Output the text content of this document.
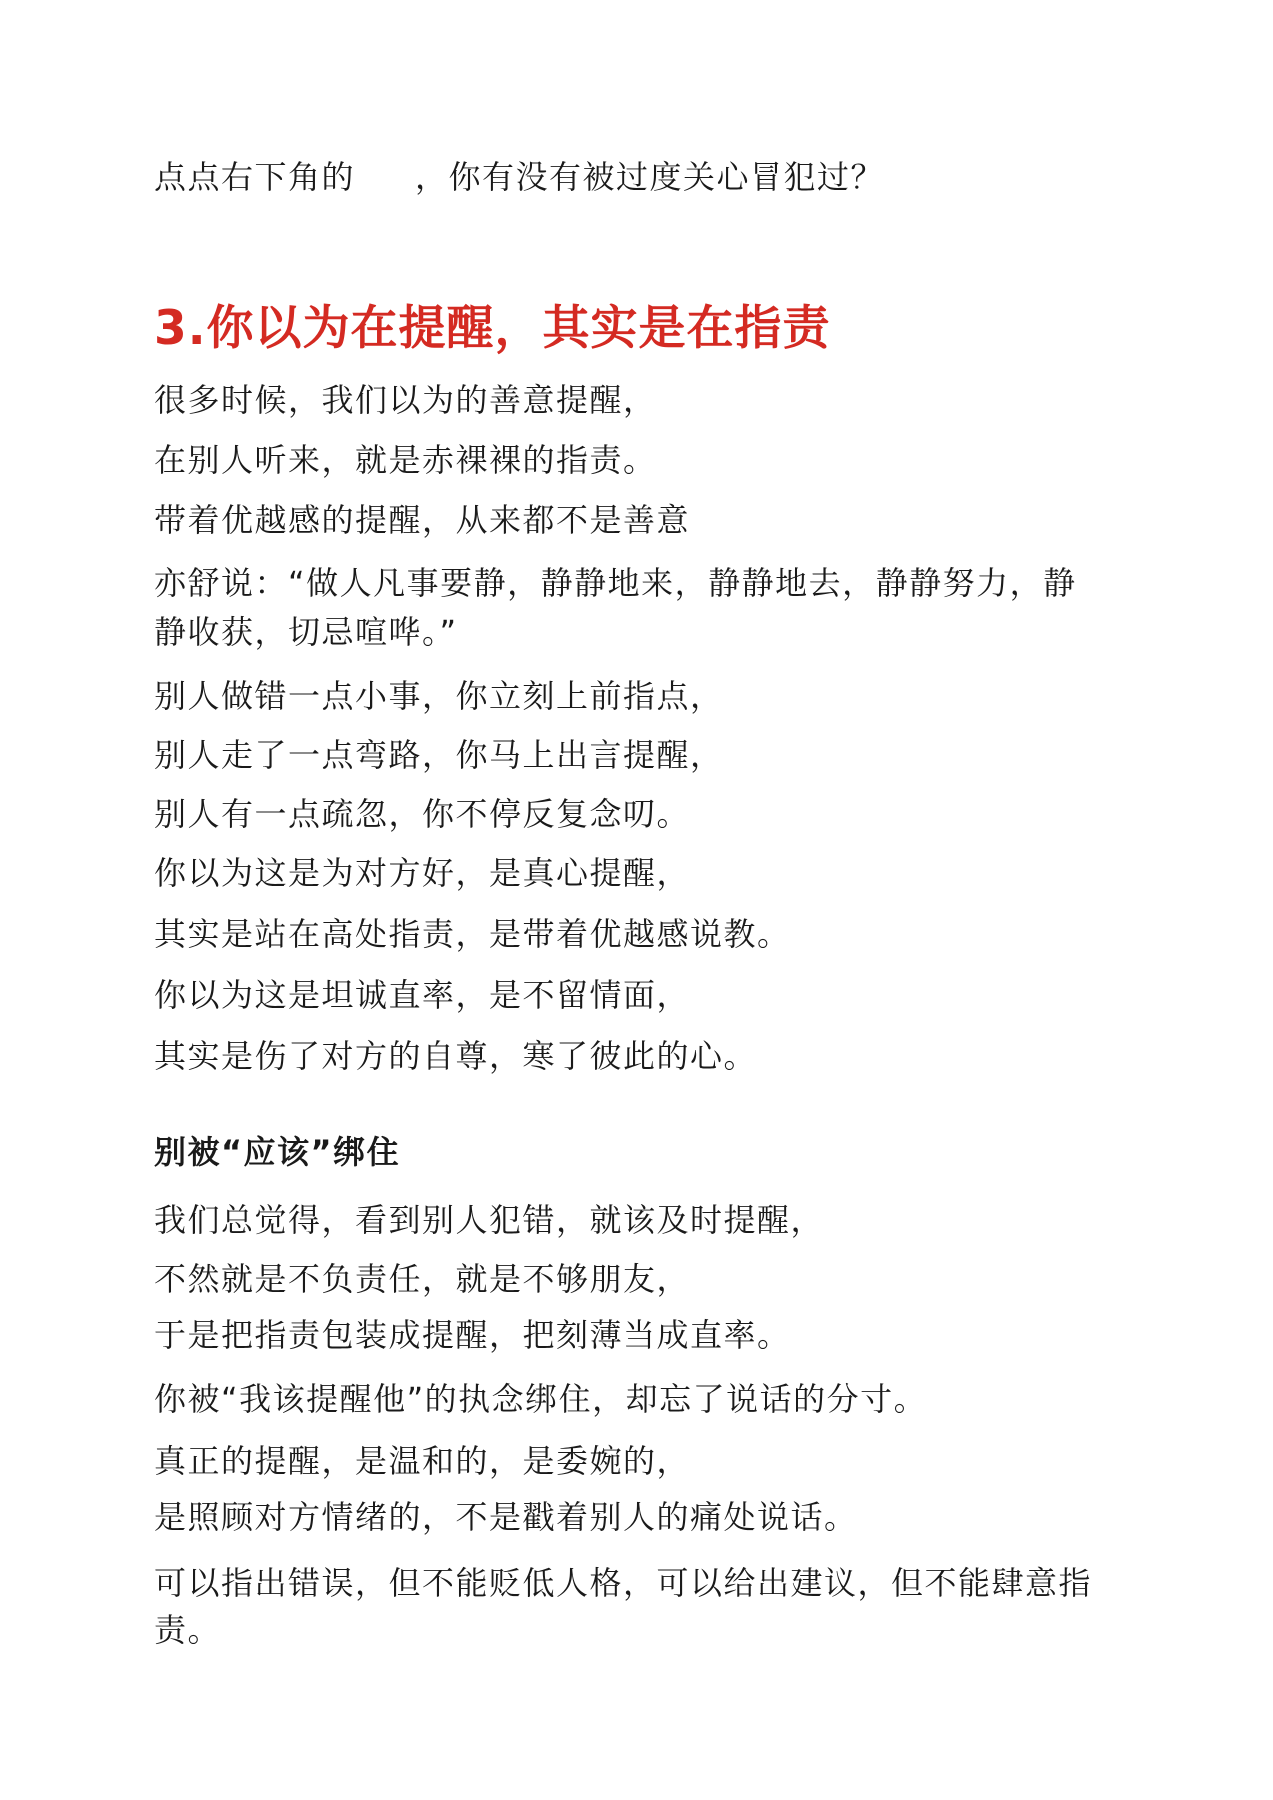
点点右下角的 ，你有没有被过度关心冒犯过？
3.你以为在提醒，其实是在指责
很多时候，我们以为的善意提醒，
在别人听来，就是赤裸裸的指责。
带着优越感的提醒，从来都不是善意
亦舒说：“做人凡事要静，静静地来，静静地去，静静努力，静
静收获，切忌喧哗。”
别人做错一点小事，你立刻上前指点，
别人走了一点弯路，你马上出言提醒，
别人有一点疏忽，你不停反复念叨。
你以为这是为对方好，是真心提醒，
其实是站在高处指责，是带着优越感说教。
你以为这是坦诚直率，是不留情面，
其实是伤了对方的自尊，寒了彼此的心。
别被“应该”绑住
我们总觉得，看到别人犯错，就该及时提醒，
不然就是不负责任，就是不够朋友，
于是把指责包装成提醒，把刻薄当成直率。
你被“我该提醒他”的执念绑住，却忘了说话的分寸。
真正的提醒，是温和的，是委婉的，
是照顾对方情绪的，不是戳着别人的痛处说话。
可以指出错误，但不能贬低人格，可以给出建议，但不能肆意指
责。
